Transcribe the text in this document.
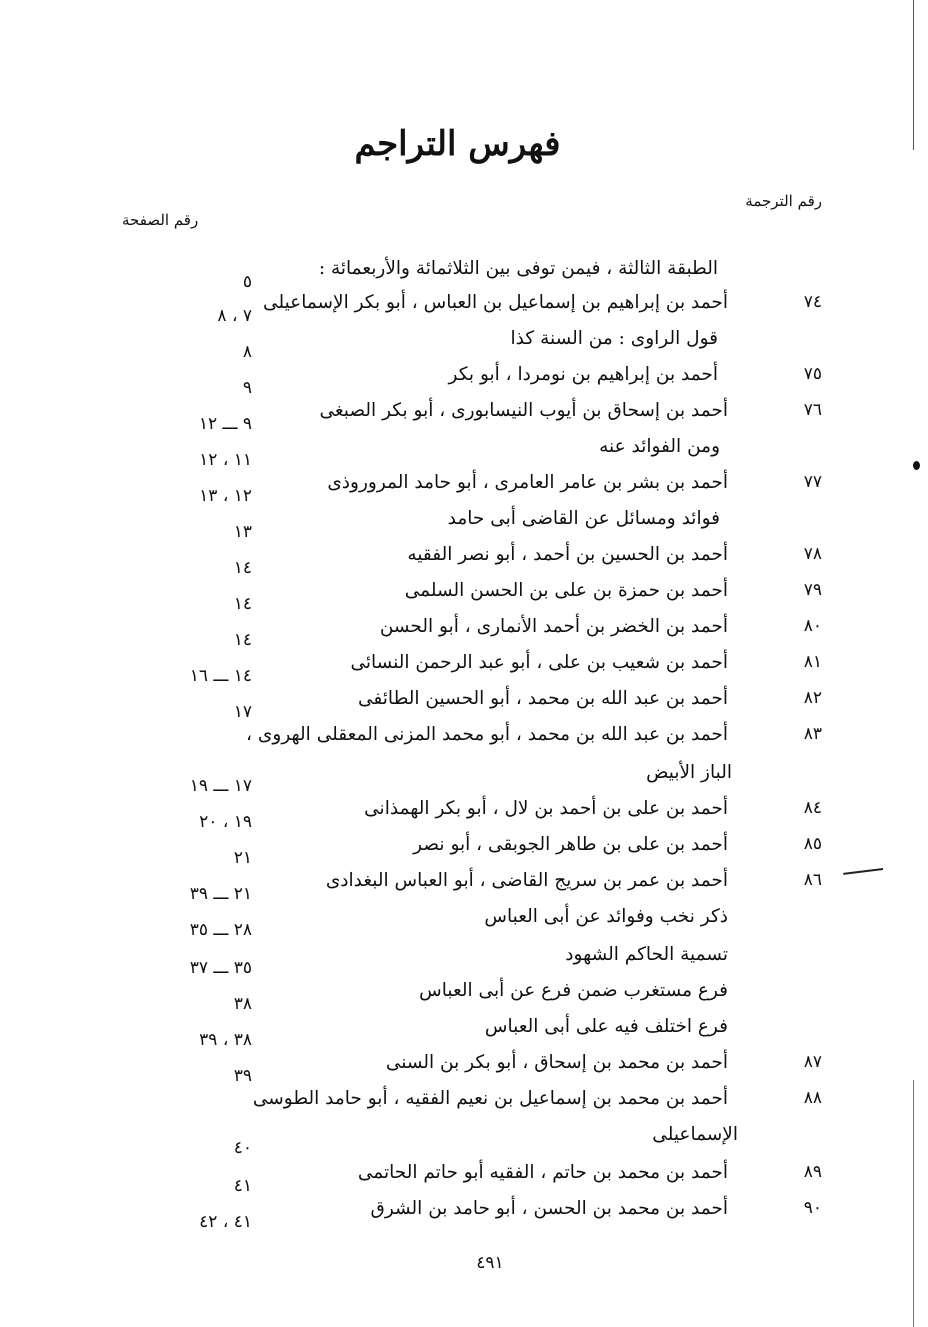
فهرس التراجم
رقم الترجمة
رقم الصفحة
الطبقة الثالثة ، فيمن توفى بين الثلاثمائة والأربعمائة :
٥
٧٤
أحمد بن إبراهيم بن إسماعيل بن العباس ، أبو بكر الإسماعيلى
٧ ، ٨
قول الراوى : من السنة كذا
٨
٧٥
أحمد بن إبراهيم بن نومردا ، أبو بكر
٩
٧٦
أحمد بن إسحاق بن أيوب النيسابورى ، أبو بكر الصبغى
٩ ـــ ١٢
ومن الفوائد عنه
١١ ، ١٢
٧٧
أحمد بن بشر بن عامر العامرى ، أبو حامد المروروذى
١٢ ، ١٣
فوائد ومسائل عن القاضى أبى حامد
١٣
٧٨
أحمد بن الحسين بن أحمد ، أبو نصر الفقيه
١٤
٧٩
أحمد بن حمزة بن على بن الحسن السلمى
١٤
٨٠
أحمد بن الخضر بن أحمد الأنمارى ، أبو الحسن
١٤
٨١
أحمد بن شعيب بن على ، أبو عبد الرحمن النسائى
١٤ ـــ ١٦
٨٢
أحمد بن عبد الله بن محمد ، أبو الحسين الطائفى
١٧
٨٣
أحمد بن عبد الله بن محمد ، أبو محمد المزنى المعقلى الهروى ،
الباز الأبيض
١٧ ـــ ١٩
٨٤
أحمد بن على بن أحمد بن لال ، أبو بكر الهمذانى
١٩ ، ٢٠
٨٥
أحمد بن على بن طاهر الجوبقى ، أبو نصر
٢١
٨٦
أحمد بن عمر بن سريج القاضى ، أبو العباس البغدادى
٢١ ـــ ٣٩
ذكر نخب وفوائد عن أبى العباس
٢٨ ـــ ٣٥
تسمية الحاكم الشهود
٣٥ ـــ ٣٧
فرع مستغرب ضمن فرع عن أبى العباس
٣٨
فرع اختلف فيه على أبى العباس
٣٨ ، ٣٩
٨٧
أحمد بن محمد بن إسحاق ، أبو بكر بن السنى
٣٩
٨٨
أحمد بن محمد بن إسماعيل بن نعيم الفقيه ، أبو حامد الطوسى
الإسماعيلى
٤٠
٨٩
أحمد بن محمد بن حاتم ، الفقيه أبو حاتم الحاتمى
٤١
٩٠
أحمد بن محمد بن الحسن ، أبو حامد بن الشرق
٤١ ، ٤٢
٤٩١
